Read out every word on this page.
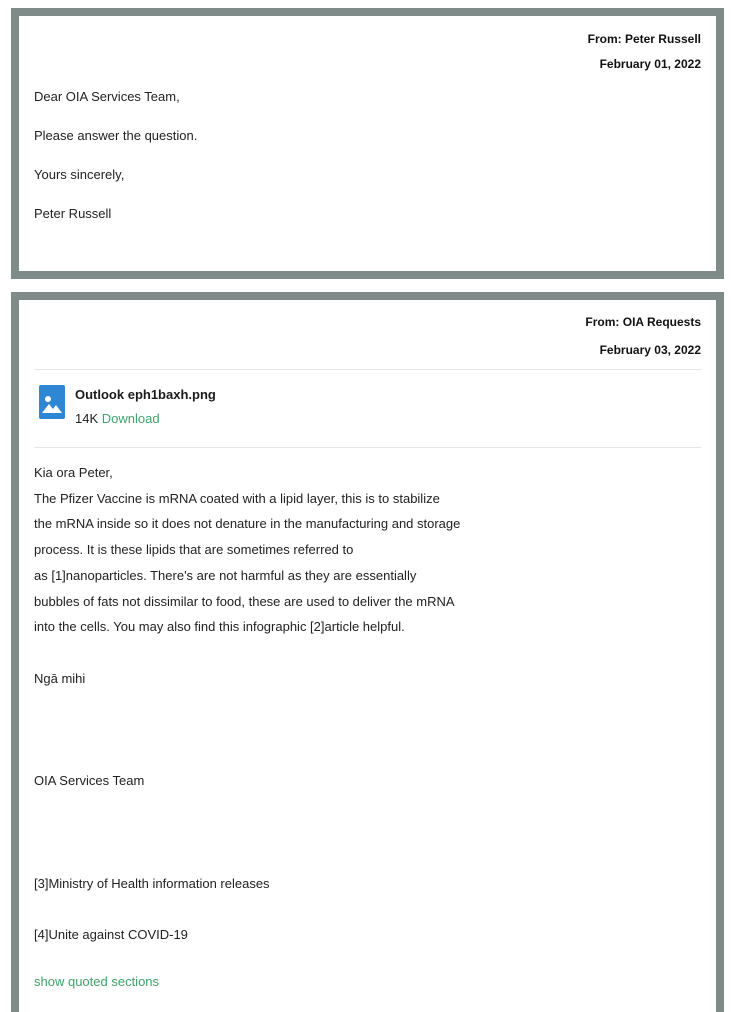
From: Peter Russell
February 01, 2022

Dear OIA Services Team,

Please answer the question.

Yours sincerely,

Peter Russell

From: OIA Requests
February 03, 2022
Outlook eph1baxh.png
14K Download
Kia ora Peter,
The Pfizer Vaccine is mRNA coated with a lipid layer, this is to stabilize
the mRNA inside so it does not denature in the manufacturing and storage
process. It is these lipids that are sometimes referred to
as [1]nanoparticles. There's are not harmful as they are essentially
bubbles of fats not dissimilar to food, these are used to deliver the mRNA
into the cells. You may also find this infographic [2]article helpful.
Ngā mihi
OIA Services Team
[3]Ministry of Health information releases
[4]Unite against COVID-19
show quoted sections
